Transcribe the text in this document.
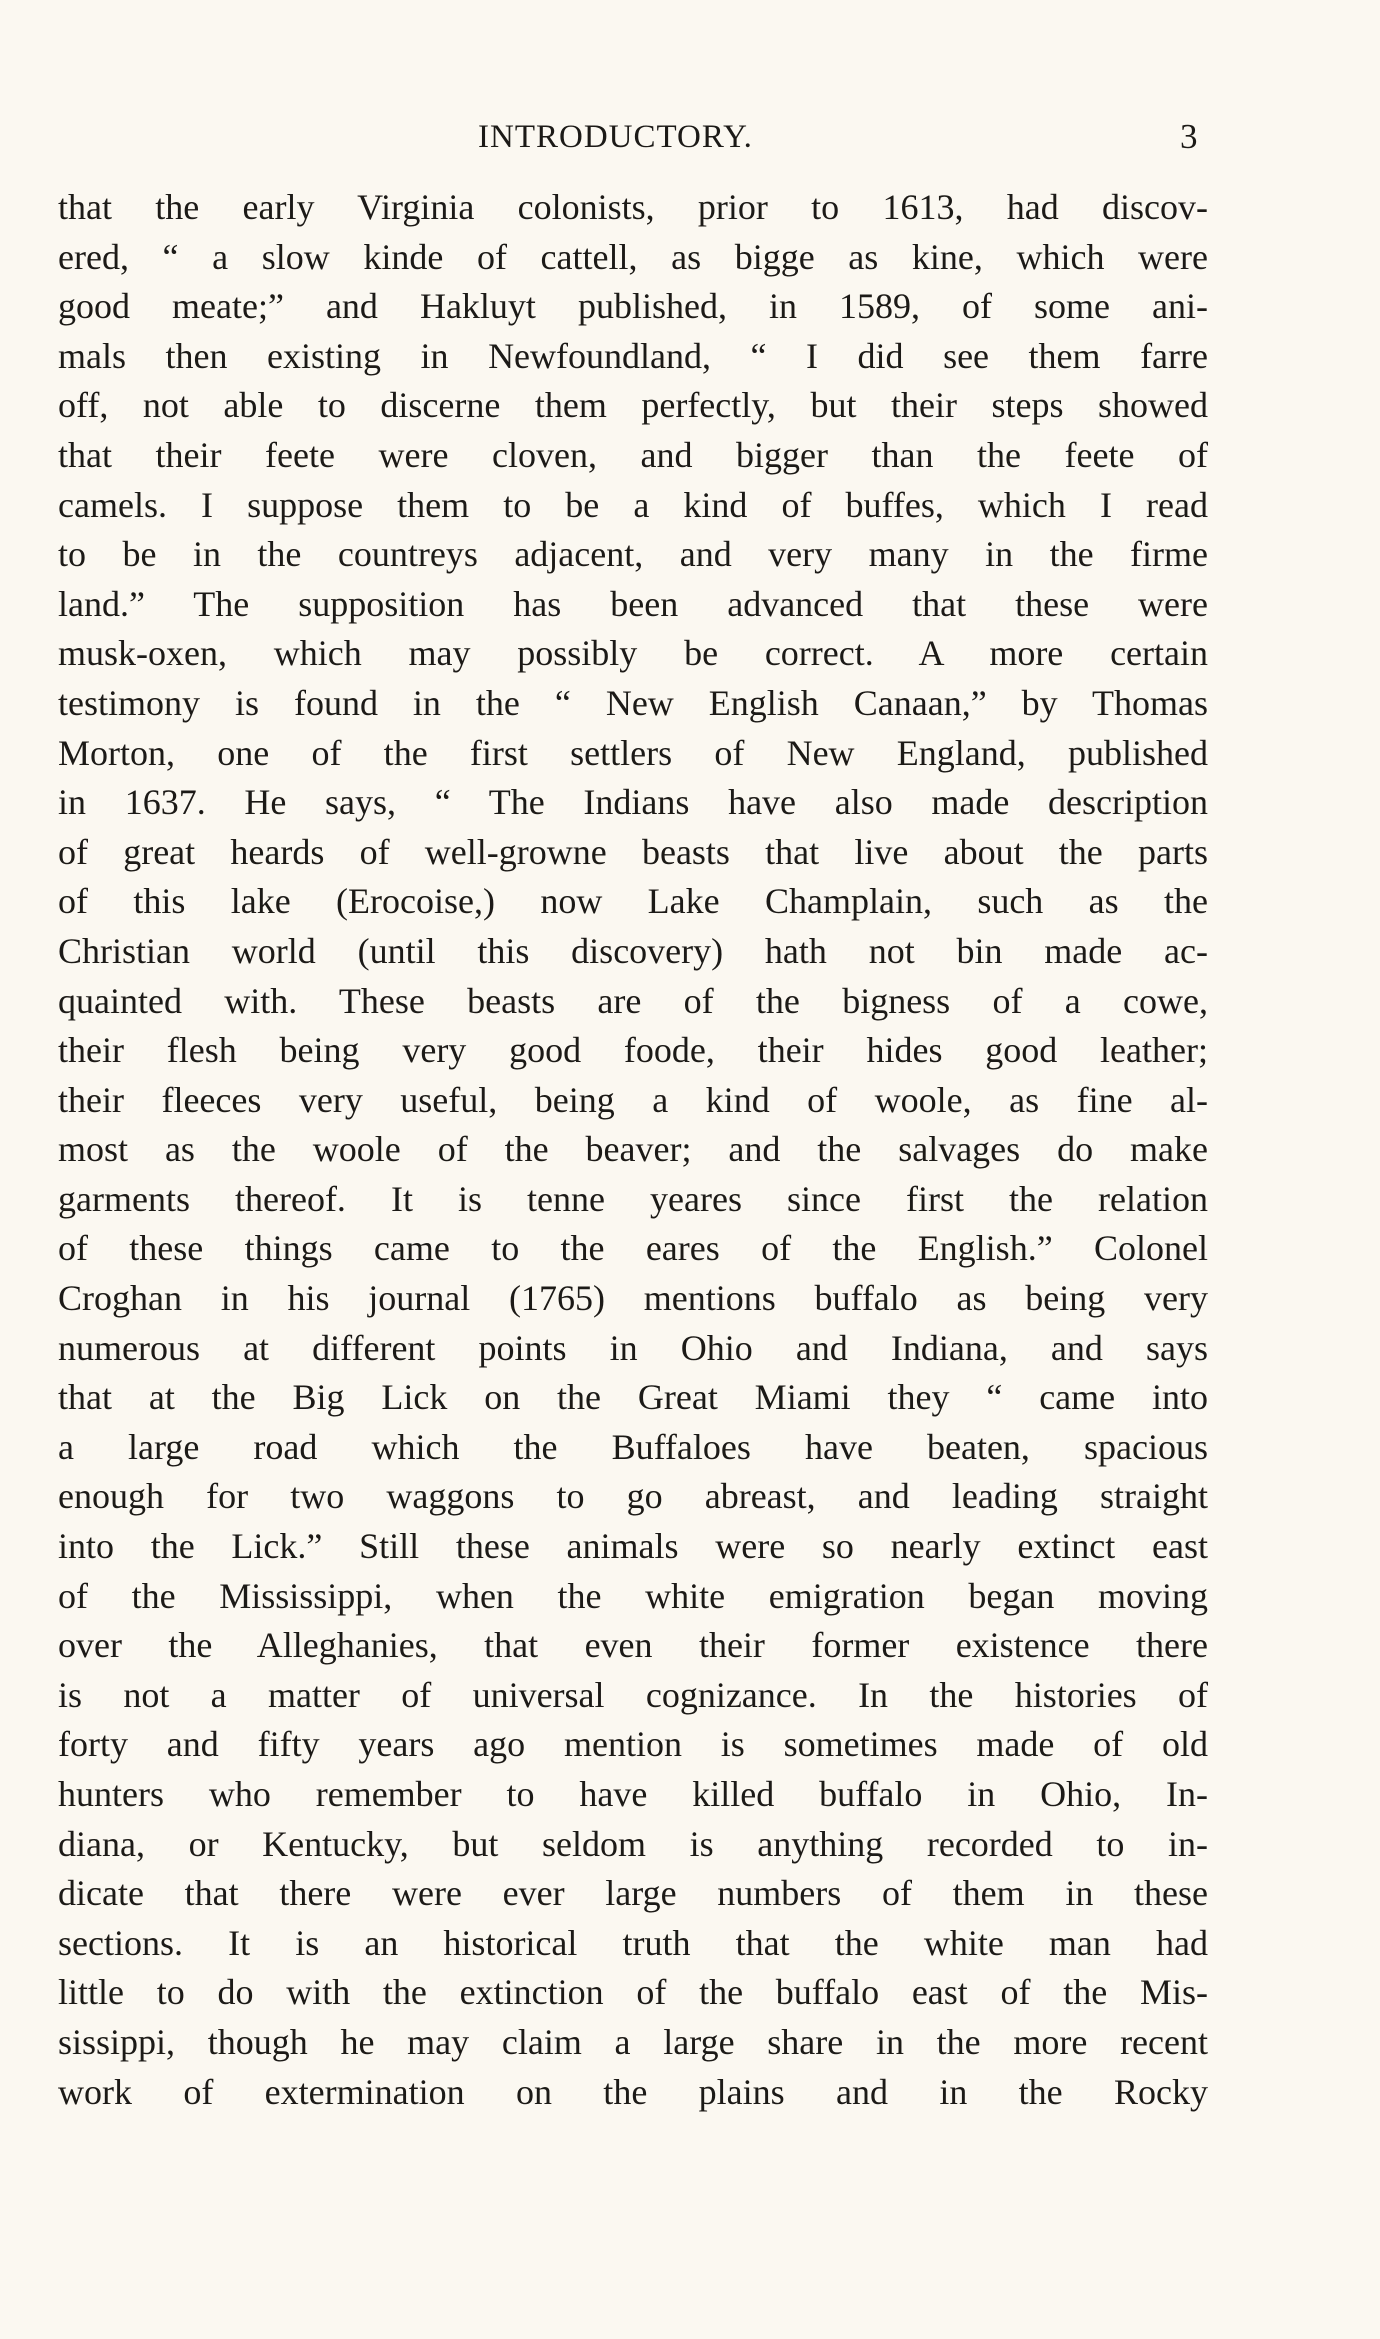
INTRODUCTORY.	3
that the early Virginia colonists, prior to 1613, had discov-
ered, “ a slow kinde of cattell, as bigge as kine, which were
good meate;” and Hakluyt published, in 1589, of some ani-
mals then existing in Newfoundland, “ I did see them farre
off, not able to discerne them perfectly, but their steps showed
that their feete were cloven, and bigger than the feete of
camels. I suppose them to be a kind of buffes, which I read
to be in the countreys adjacent, and very many in the firme
land.” The supposition has been advanced that these were
musk-oxen, which may possibly be correct. A more certain
testimony is found in the “ New English Canaan,” by Thomas
Morton, one of the first settlers of New England, published
in 1637. He says, “ The Indians have also made description
of great heards of well-growne beasts that live about the parts
of this lake (Erocoise,) now Lake Champlain, such as the
Christian world (until this discovery) hath not bin made ac-
quainted with. These beasts are of the bigness of a cowe,
their flesh being very good foode, their hides good leather;
their fleeces very useful, being a kind of woole, as fine al-
most as the woole of the beaver; and the salvages do make
garments thereof. It is tenne yeares since first the relation
of these things came to the eares of the English.” Colonel
Croghan in his journal (1765) mentions buffalo as being very
numerous at different points in Ohio and Indiana, and says
that at the Big Lick on the Great Miami they “ came into
a large road which the Buffaloes have beaten, spacious
enough for two waggons to go abreast, and leading straight
into the Lick.” Still these animals were so nearly extinct east
of the Mississippi, when the white emigration began moving
over the Alleghanies, that even their former existence there
is not a matter of universal cognizance. In the histories of
forty and fifty years ago mention is sometimes made of old
hunters who remember to have killed buffalo in Ohio, In-
diana, or Kentucky, but seldom is anything recorded to in-
dicate that there were ever large numbers of them in these
sections. It is an historical truth that the white man had
little to do with the extinction of the buffalo east of the Mis-
sissippi, though he may claim a large share in the more recent
work of extermination on the plains and in the Rocky
